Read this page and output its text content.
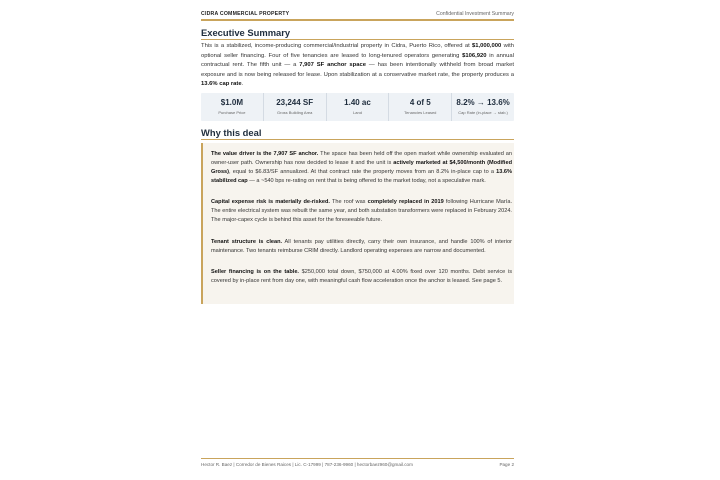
CIDRA COMMERCIAL PROPERTY	Confidential Investment Summary
Executive Summary
This is a stabilized, income-producing commercial/industrial property in Cidra, Puerto Rico, offered at $1,000,000 with optional seller financing. Four of five tenancies are leased to long-tenured operators generating $106,920 in annual contractual rent. The fifth unit — a 7,907 SF anchor space — has been intentionally withheld from broad market exposure and is now being released for lease. Upon stabilization at a conservative market rate, the property produces a 13.6% cap rate.
$1.0M
Purchase Price
23,244 SF
Gross Building Area
1.40 ac
Land
4 of 5
Tenancies Leased
8.2% → 13.6%
Cap Rate (in-place → stab.)
Why this deal
The value driver is the 7,907 SF anchor. The space has been held off the open market while ownership evaluated an owner-user path. Ownership has now decided to lease it and the unit is actively marketed at $4,500/month (Modified Gross), equal to $6.83/SF annualized. At that contract rate the property moves from an 8.2% in-place cap to a 13.6% stabilized cap — a ~540 bps re-rating on rent that is being offered to the market today, not a speculative mark.
Capital expense risk is materially de-risked. The roof was completely replaced in 2019 following Hurricane María. The entire electrical system was rebuilt the same year, and both substation transformers were replaced in February 2024. The major-capex cycle is behind this asset for the foreseeable future.
Tenant structure is clean. All tenants pay utilities directly, carry their own insurance, and handle 100% of interior maintenance. Two tenants reimburse CRIM directly. Landlord operating expenses are narrow and documented.
Seller financing is on the table. $250,000 total down, $750,000 at 4.00% fixed over 120 months. Debt service is covered by in-place rent from day one, with meaningful cash flow acceleration once the anchor is leased. See page 5.
Hector R. Baez | Corredor de Bienes Raices | Lic. C-17999 | 787-236-9960 | hectorbaez960@gmail.com	Page 2
